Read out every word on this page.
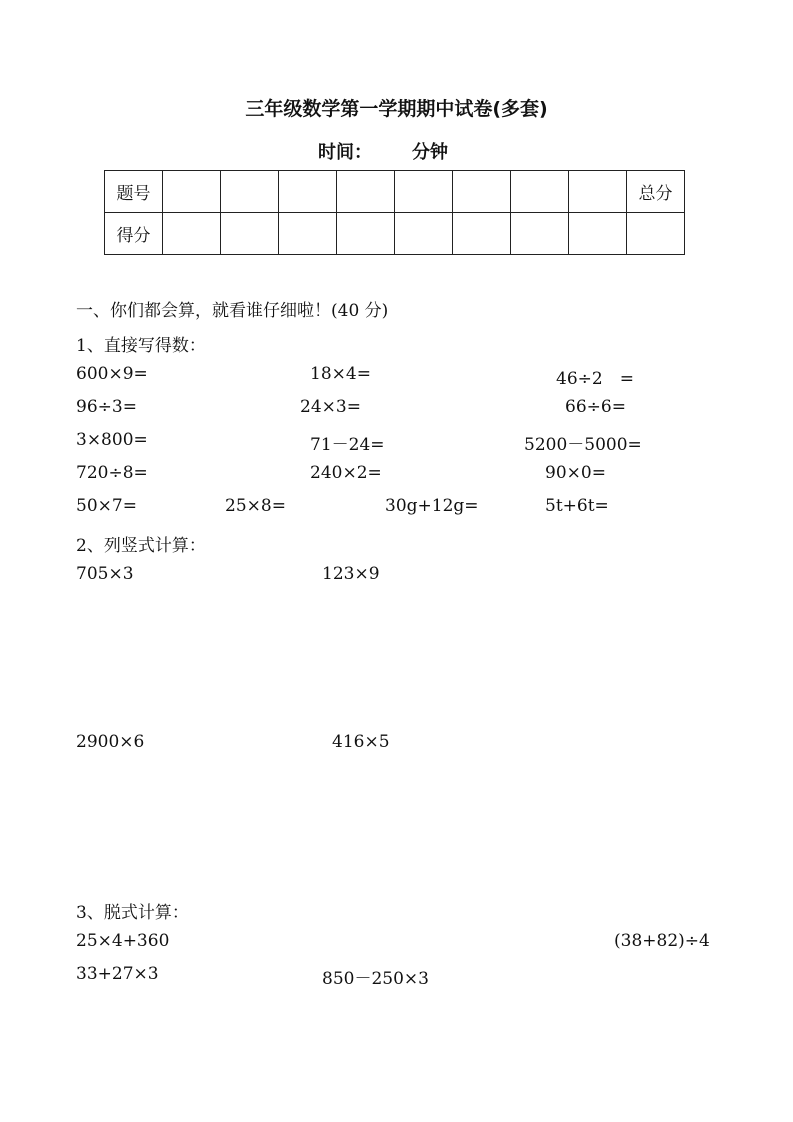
三年级数学第一学期期中试卷(多套)
时间： 分钟
题号									总分
得分									
一、你们都会算，就看谁仔细啦！(40 分)
1、直接写得数：
600×9=	18×4=	46÷2　=
96÷3=	24×3=	66÷6=
3×800=	71－24=	5200－5000=
720÷8=	240×2=	90×0=
50×7=	25×8=	30g+12g=	5t+6t=
2、列竖式计算：
705×3	123×9
2900×6	416×5
3、脱式计算：
25×4+360	(38+82)÷4
33+27×3	850－250×3
